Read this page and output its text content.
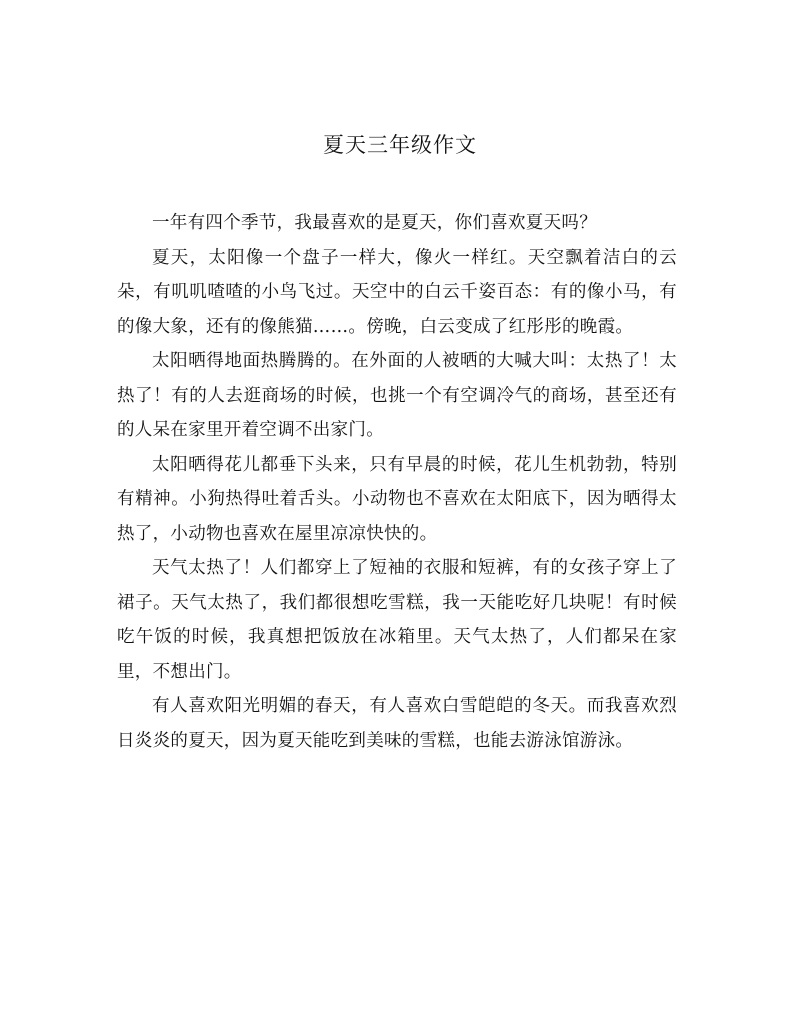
夏天三年级作文

一年有四个季节，我最喜欢的是夏天，你们喜欢夏天吗？

夏天，太阳像一个盘子一样大，像火一样红。天空飘着洁白的云朵，有叽叽喳喳的小鸟飞过。天空中的白云千姿百态：有的像小马，有的像大象，还有的像熊猫……。傍晚，白云变成了红彤彤的晚霞。

太阳晒得地面热腾腾的。在外面的人被晒的大喊大叫：太热了！太热了！有的人去逛商场的时候，也挑一个有空调冷气的商场，甚至还有的人呆在家里开着空调不出家门。

太阳晒得花儿都垂下头来，只有早晨的时候，花儿生机勃勃，特别有精神。小狗热得吐着舌头。小动物也不喜欢在太阳底下，因为晒得太热了，小动物也喜欢在屋里凉凉快快的。

天气太热了！人们都穿上了短袖的衣服和短裤，有的女孩子穿上了裙子。天气太热了，我们都很想吃雪糕，我一天能吃好几块呢！有时候吃午饭的时候，我真想把饭放在冰箱里。天气太热了，人们都呆在家里，不想出门。

有人喜欢阳光明媚的春天，有人喜欢白雪皑皑的冬天。而我喜欢烈日炎炎的夏天，因为夏天能吃到美味的雪糕，也能去游泳馆游泳。
